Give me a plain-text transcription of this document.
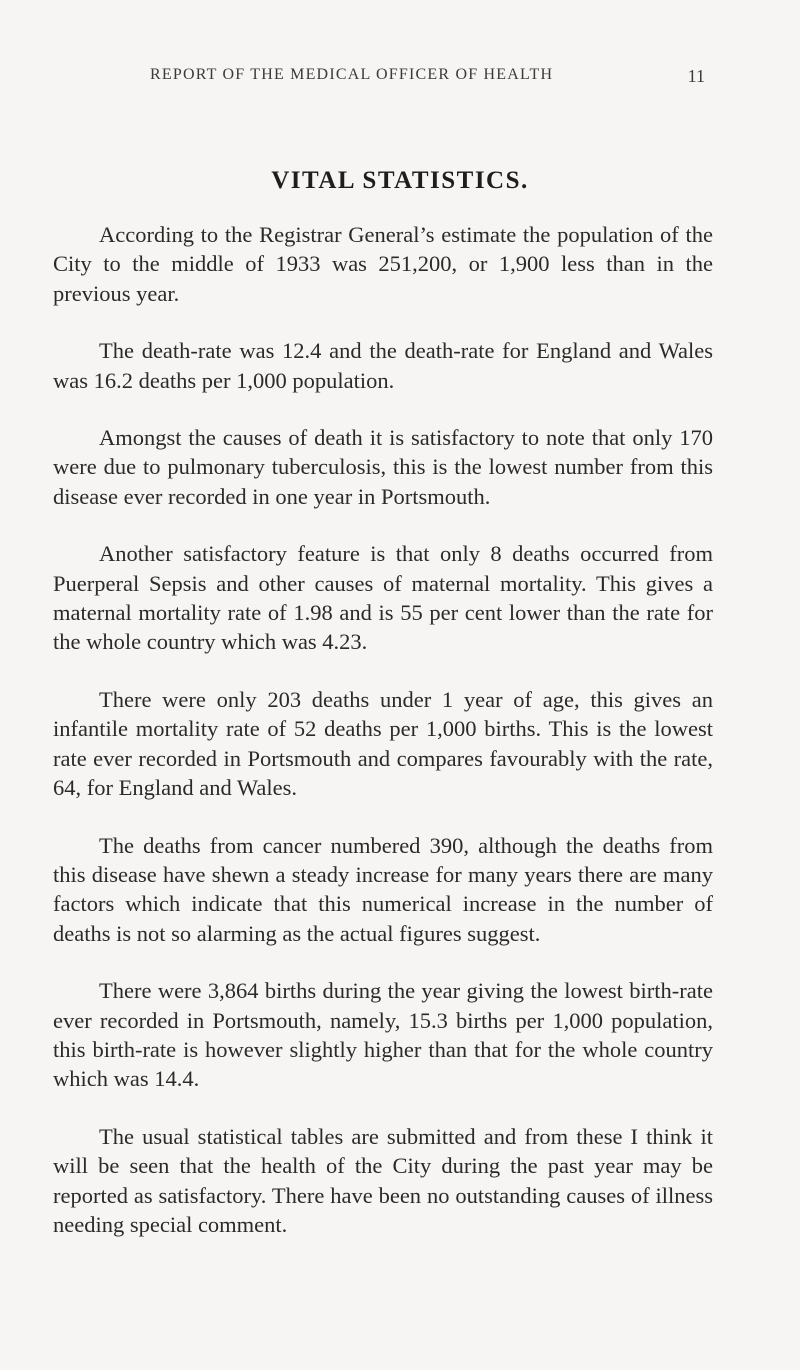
REPORT OF THE MEDICAL OFFICER OF HEALTH	11
VITAL STATISTICS.

According to the Registrar General’s estimate the population of the City to the middle of 1933 was 251,200, or 1,900 less than in the previous year.

The death-rate was 12.4 and the death-rate for England and Wales was 16.2 deaths per 1,000 population.

Amongst the causes of death it is satisfactory to note that only 170 were due to pulmonary tuberculosis, this is the lowest number from this disease ever recorded in one year in Portsmouth.

Another satisfactory feature is that only 8 deaths occurred from Puerperal Sepsis and other causes of maternal mortality. This gives a maternal mortality rate of 1.98 and is 55 per cent lower than the rate for the whole country which was 4.23.

There were only 203 deaths under 1 year of age, this gives an infantile mortality rate of 52 deaths per 1,000 births. This is the lowest rate ever recorded in Portsmouth and compares favourably with the rate, 64, for England and Wales.

The deaths from cancer numbered 390, although the deaths from this disease have shewn a steady increase for many years there are many factors which indicate that this numerical increase in the number of deaths is not so alarming as the actual figures suggest.

There were 3,864 births during the year giving the lowest birth-rate ever recorded in Portsmouth, namely, 15.3 births per 1,000 population, this birth-rate is however slightly higher than that for the whole country which was 14.4.

The usual statistical tables are submitted and from these I think it will be seen that the health of the City during the past year may be reported as satisfactory. There have been no outstanding causes of illness needing special comment.
